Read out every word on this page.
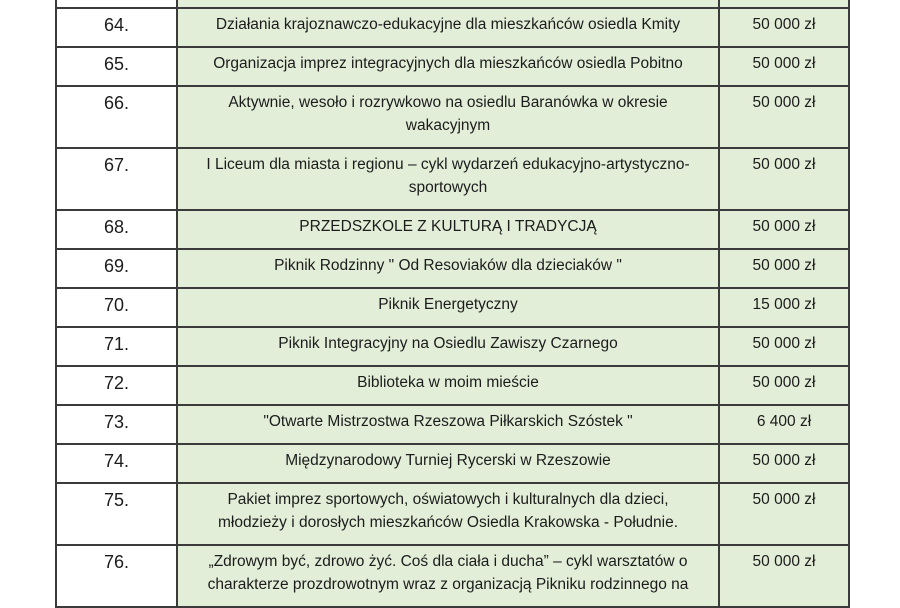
64.	Działania krajoznawczo-edukacyjne dla mieszkańców osiedla Kmity	50 000 zł
65.	Organizacja imprez integracyjnych dla mieszkańców osiedla Pobitno	50 000 zł
66.	Aktywnie, wesoło i rozrywkowo na osiedlu Baranówka w okresie wakacyjnym	50 000 zł
67.	I Liceum dla miasta i regionu – cykl wydarzeń edukacyjno-artystyczno-sportowych	50 000 zł
68.	PRZEDSZKOLE Z KULTURĄ I TRADYCJĄ	50 000 zł
69.	Piknik Rodzinny " Od Resoviaków dla dzieciaków "	50 000 zł
70.	Piknik Energetyczny	15 000 zł
71.	Piknik Integracyjny na Osiedlu Zawiszy Czarnego	50 000 zł
72.	Biblioteka w moim mieście	50 000 zł
73.	"Otwarte Mistrzostwa Rzeszowa Piłkarskich Szóstek "	6 400 zł
74.	Międzynarodowy Turniej Rycerski w Rzeszowie	50 000 zł
75.	Pakiet imprez sportowych, oświatowych i kulturalnych dla dzieci, młodzieży i dorosłych mieszkańców Osiedla Krakowska - Południe.	50 000 zł
76.	„Zdrowym być, zdrowo żyć. Coś dla ciała i ducha” – cykl warsztatów o charakterze prozdrowotnym wraz z organizacją Pikniku rodzinnego na	50 000 zł
